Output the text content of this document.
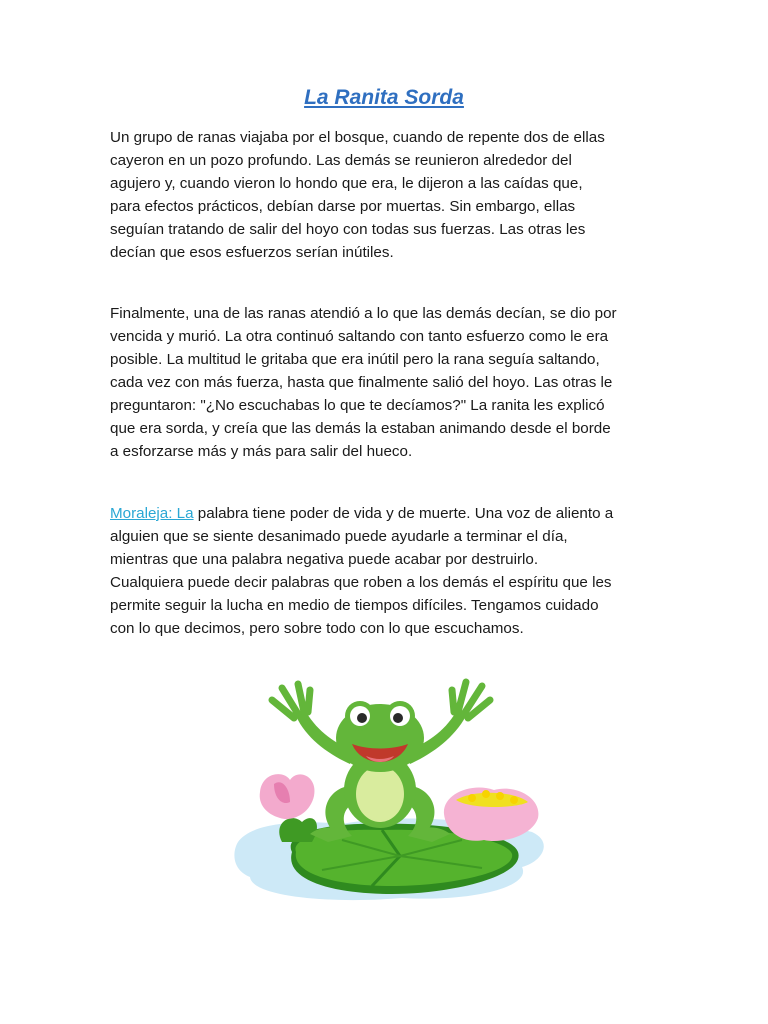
La Ranita Sorda

Un grupo de ranas viajaba por el bosque, cuando de repente dos de ellas
cayeron en un pozo profundo. Las demás se reunieron alrededor del
agujero y, cuando vieron lo hondo que era, le dijeron a las caídas que,
para efectos prácticos, debían darse por muertas. Sin embargo, ellas
seguían tratando de salir del hoyo con todas sus fuerzas. Las otras les
decían que esos esfuerzos serían inútiles.

Finalmente, una de las ranas atendió a lo que las demás decían, se dio por
vencida y murió. La otra continuó saltando con tanto esfuerzo como le era
posible. La multitud le gritaba que era inútil pero la rana seguía saltando,
cada vez con más fuerza, hasta que finalmente salió del hoyo. Las otras le
preguntaron: "¿No escuchabas lo que te decíamos?" La ranita les explicó
que era sorda, y creía que las demás la estaban animando desde el borde
a esforzarse más y más para salir del hueco.

Moraleja: La palabra tiene poder de vida y de muerte. Una voz de aliento a
alguien que se siente desanimado puede ayudarle a terminar el día,
mientras que una palabra negativa puede acabar por destruirlo.
Cualquiera puede decir palabras que roben a los demás el espíritu que les
permite seguir la lucha en medio de tiempos difíciles. Tengamos cuidado
con lo que decimos, pero sobre todo con lo que escuchamos.
